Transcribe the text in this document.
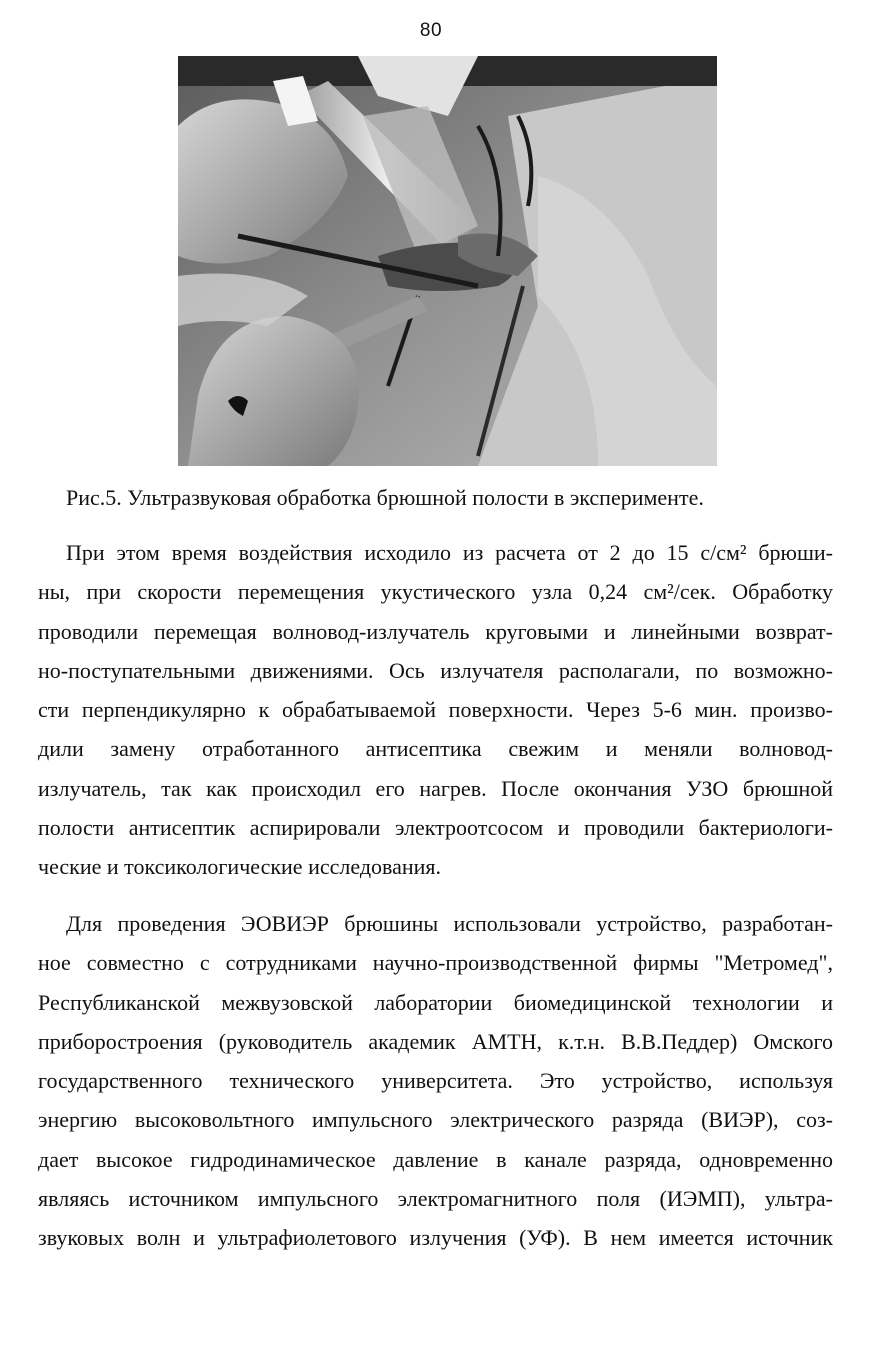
80
Рис.5. Ультразвуковая обработка брюшной полости в эксперименте.
При этом время воздействия исходило из расчета от 2 до 15 с/см² брюши-
ны, при скорости перемещения укустического узла 0,24 см²/сек. Обработку
проводили перемещая волновод-излучатель круговыми и линейными возврат-
но-поступательными движениями. Ось излучателя располагали, по возможно-
сти перпендикулярно к обрабатываемой поверхности. Через 5-6 мин. произво-
дили замену отработанного антисептика свежим и меняли волновод-
излучатель, так как происходил его нагрев. После окончания УЗО брюшной
полости антисептик аспирировали электроотсосом и проводили бактериологи-
ческие и токсикологические исследования.
Для проведения ЭОВИЭР брюшины использовали устройство, разработан-
ное совместно с сотрудниками научно-производственной фирмы "Метромед",
Республиканской межвузовской лаборатории биомедицинской технологии и
приборостроения (руководитель академик АМТН, к.т.н. В.В.Педдер) Омского
государственного технического университета. Это устройство, используя
энергию высоковольтного импульсного электрического разряда (ВИЭР), соз-
дает высокое гидродинамическое давление в канале разряда, одновременно
являясь источником импульсного электромагнитного поля (ИЭМП), ультра-
звуковых волн и ультрафиолетового излучения (УФ). В нем имеется источник
